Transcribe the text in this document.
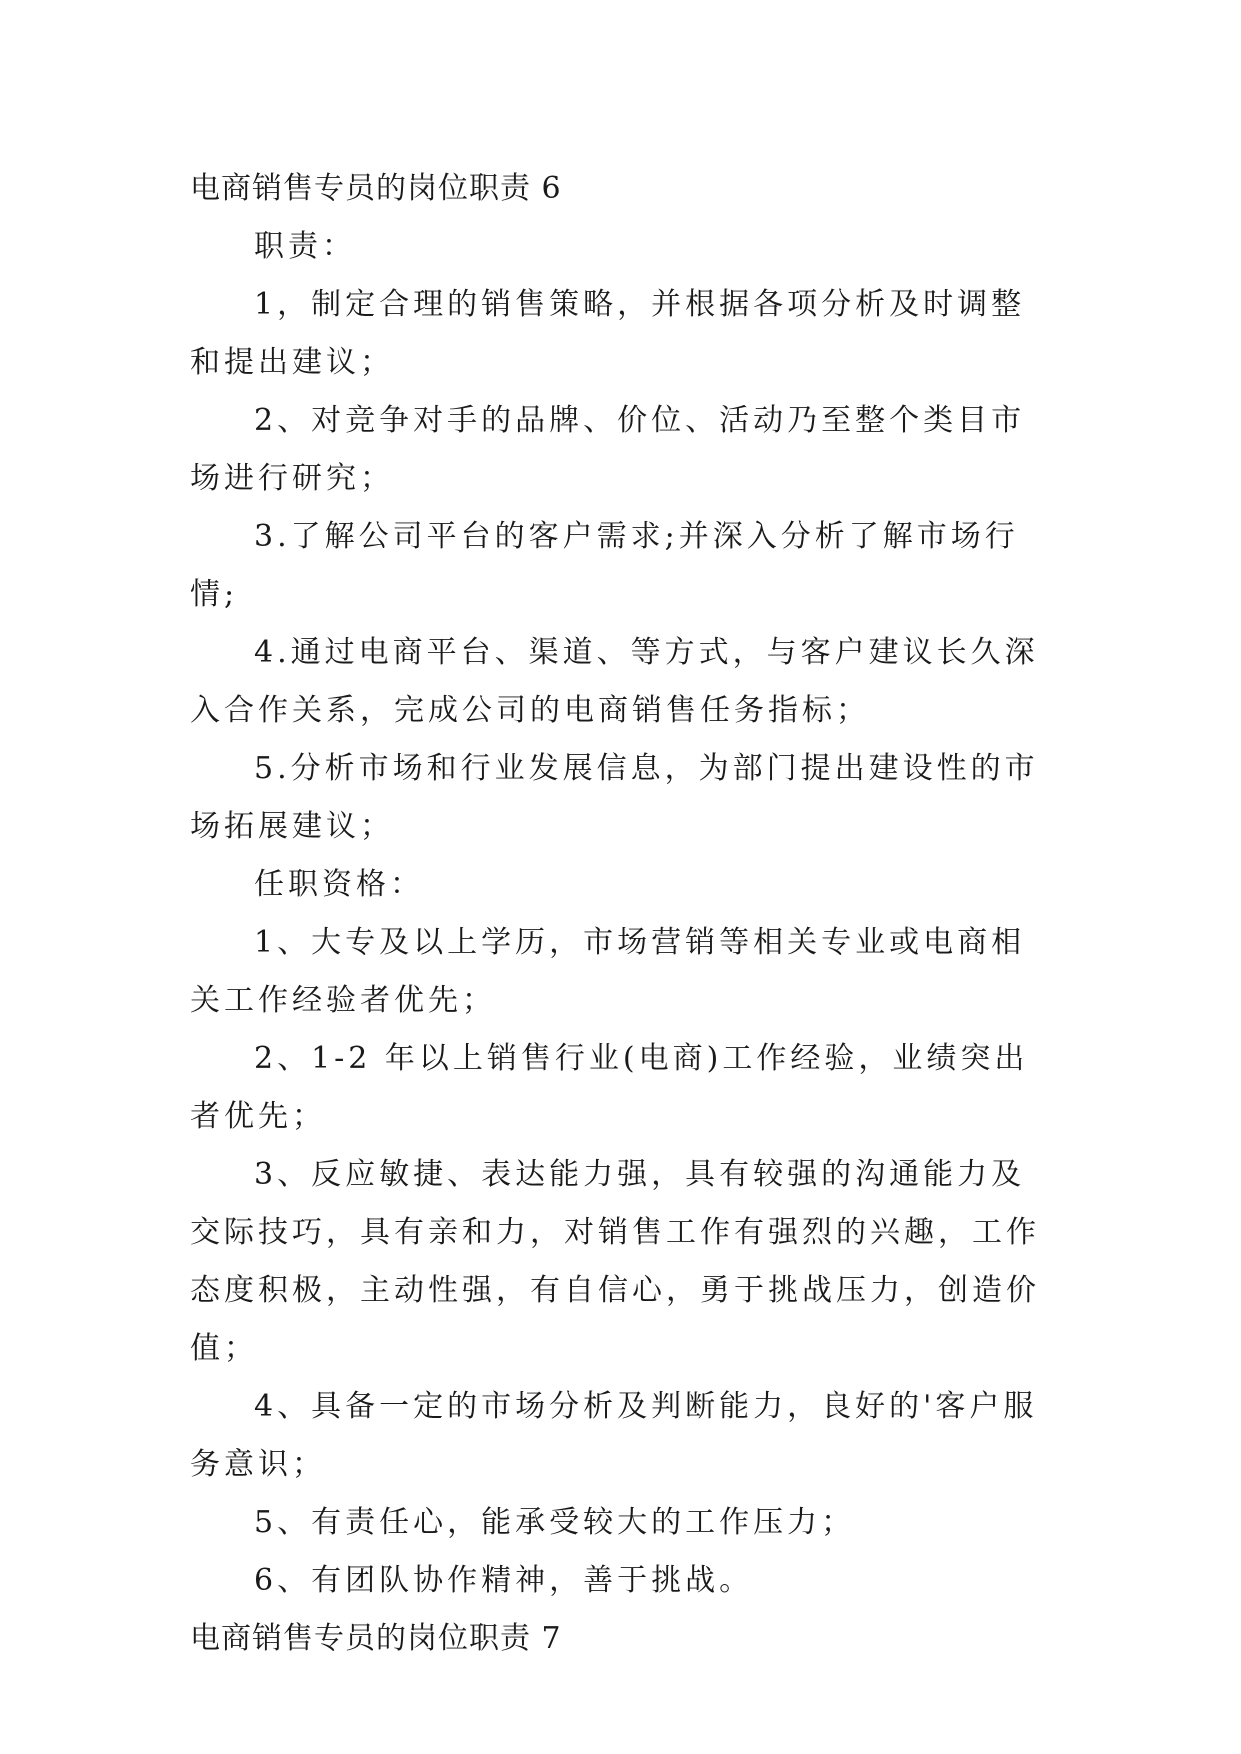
电商销售专员的岗位职责 6

职责：

1，制定合理的销售策略，并根据各项分析及时调整和提出建议；

2、对竞争对手的品牌、价位、活动乃至整个类目市场进行研究；

3.了解公司平台的客户需求;并深入分析了解市场行情;

4.通过电商平台、渠道、等方式，与客户建议长久深入合作关系，完成公司的电商销售任务指标；

5.分析市场和行业发展信息，为部门提出建设性的市场拓展建议；

任职资格：

1、大专及以上学历，市场营销等相关专业或电商相关工作经验者优先；

2、1-2 年以上销售行业(电商)工作经验，业绩突出者优先；

3、反应敏捷、表达能力强，具有较强的沟通能力及交际技巧，具有亲和力，对销售工作有强烈的兴趣，工作态度积极，主动性强，有自信心，勇于挑战压力，创造价值；

4、具备一定的市场分析及判断能力，良好的'客户服务意识；

5、有责任心，能承受较大的工作压力；

6、有团队协作精神，善于挑战。

电商销售专员的岗位职责 7
